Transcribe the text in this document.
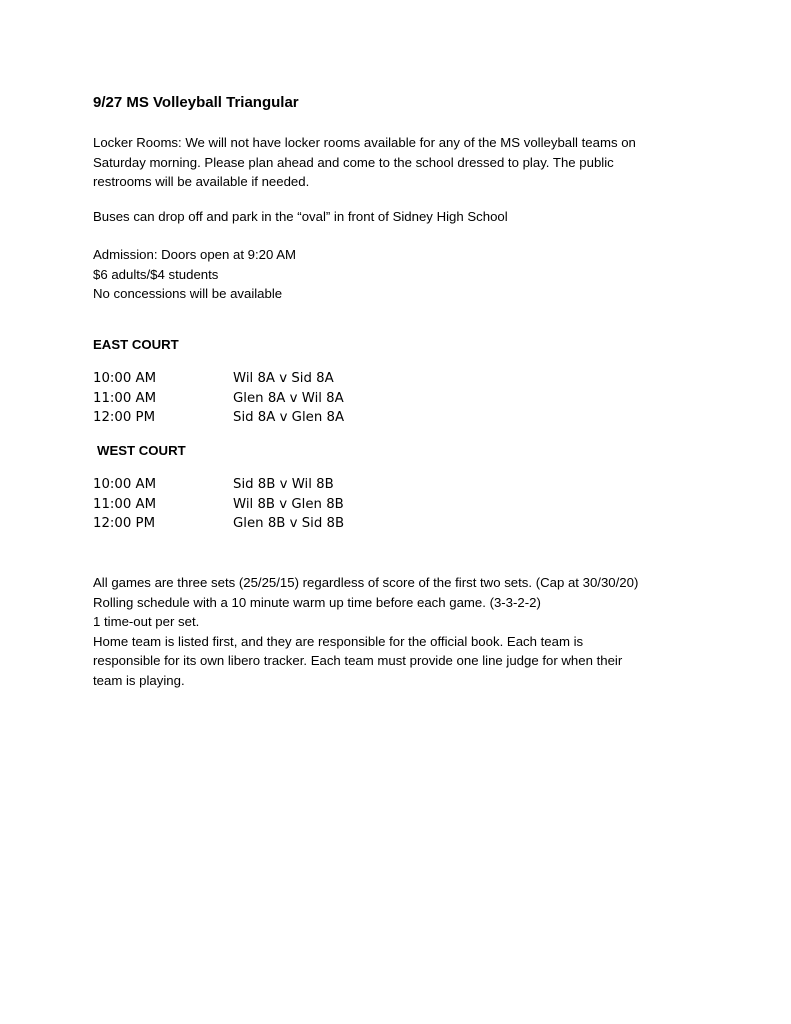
9/27 MS Volleyball Triangular
Locker Rooms: We will not have locker rooms available for any of the MS volleyball teams on
Saturday morning. Please plan ahead and come to the school dressed to play. The public
restrooms will be available if needed.
Buses can drop off and park in the “oval” in front of Sidney High School
Admission: Doors open at 9:20 AM
$6 adults/$4 students
No concessions will be available
EAST COURT
10:00 AM	Wil 8A v Sid 8A
11:00 AM	Glen 8A v Wil 8A
12:00 PM	Sid 8A v Glen 8A
WEST COURT
10:00 AM	Sid 8B v Wil 8B
11:00 AM	Wil 8B v Glen 8B
12:00 PM	Glen 8B v Sid 8B
All games are three sets (25/25/15) regardless of score of the first two sets. (Cap at 30/30/20)
Rolling schedule with a 10 minute warm up time before each game. (3-3-2-2)
1 time-out per set.
Home team is listed first, and they are responsible for the official book. Each team is
responsible for its own libero tracker. Each team must provide one line judge for when their
team is playing.
